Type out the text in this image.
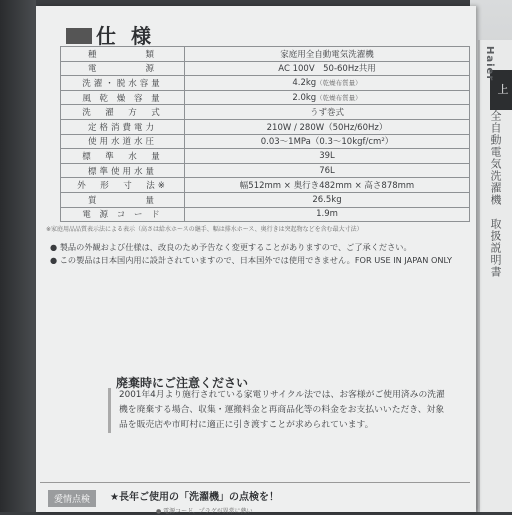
上
Haier
全自動電気洗濯機　取扱説明書
仕 様
種　　　　類	家庭用全自動電気洗濯機
電　　　　源	AC 100V　50-60Hz共用
洗濯・脱水容量	4.2kg（乾燥布質量）
風 乾 燥 容 量	2.0kg（乾燥布質量）
洗　濯　方　式	うず巻式
定格消費電力	210W / 280W（50Hz/60Hz）
使用水道水圧	0.03～1MPa（0.3～10kgf/cm²）
標　準　水　量	39L
標準使用水量	76L
外　形　寸　法※	幅512mm × 奥行き482mm × 高さ878mm
質　　　　量	26.5kg
電 源 コ ー ド	1.9m
※家庭用品品質表示法による表示（高さは給水ホースの継手、幅は排水ホース、奥行きは突起物などを含む最大寸法）
● 製品の外観および仕様は、改良のため予告なく変更することがありますので、ご了承ください。
● この製品は日本国内用に設計されていますので、日本国外では使用できません。FOR USE IN JAPAN ONLY
廃棄時にご注意ください
2001年4月より施行されている家電リサイクル法では、お客様がご使用済みの洗濯機を廃棄する場合、収集・運搬料金と再商品化等の料金をお支払いいただき、対象品を販売店や市町村に適正に引き渡すことが求められています。
愛情点検	★長年ご使用の「洗濯機」の点検を！
● 電源コード、プラグが異常に熱い
